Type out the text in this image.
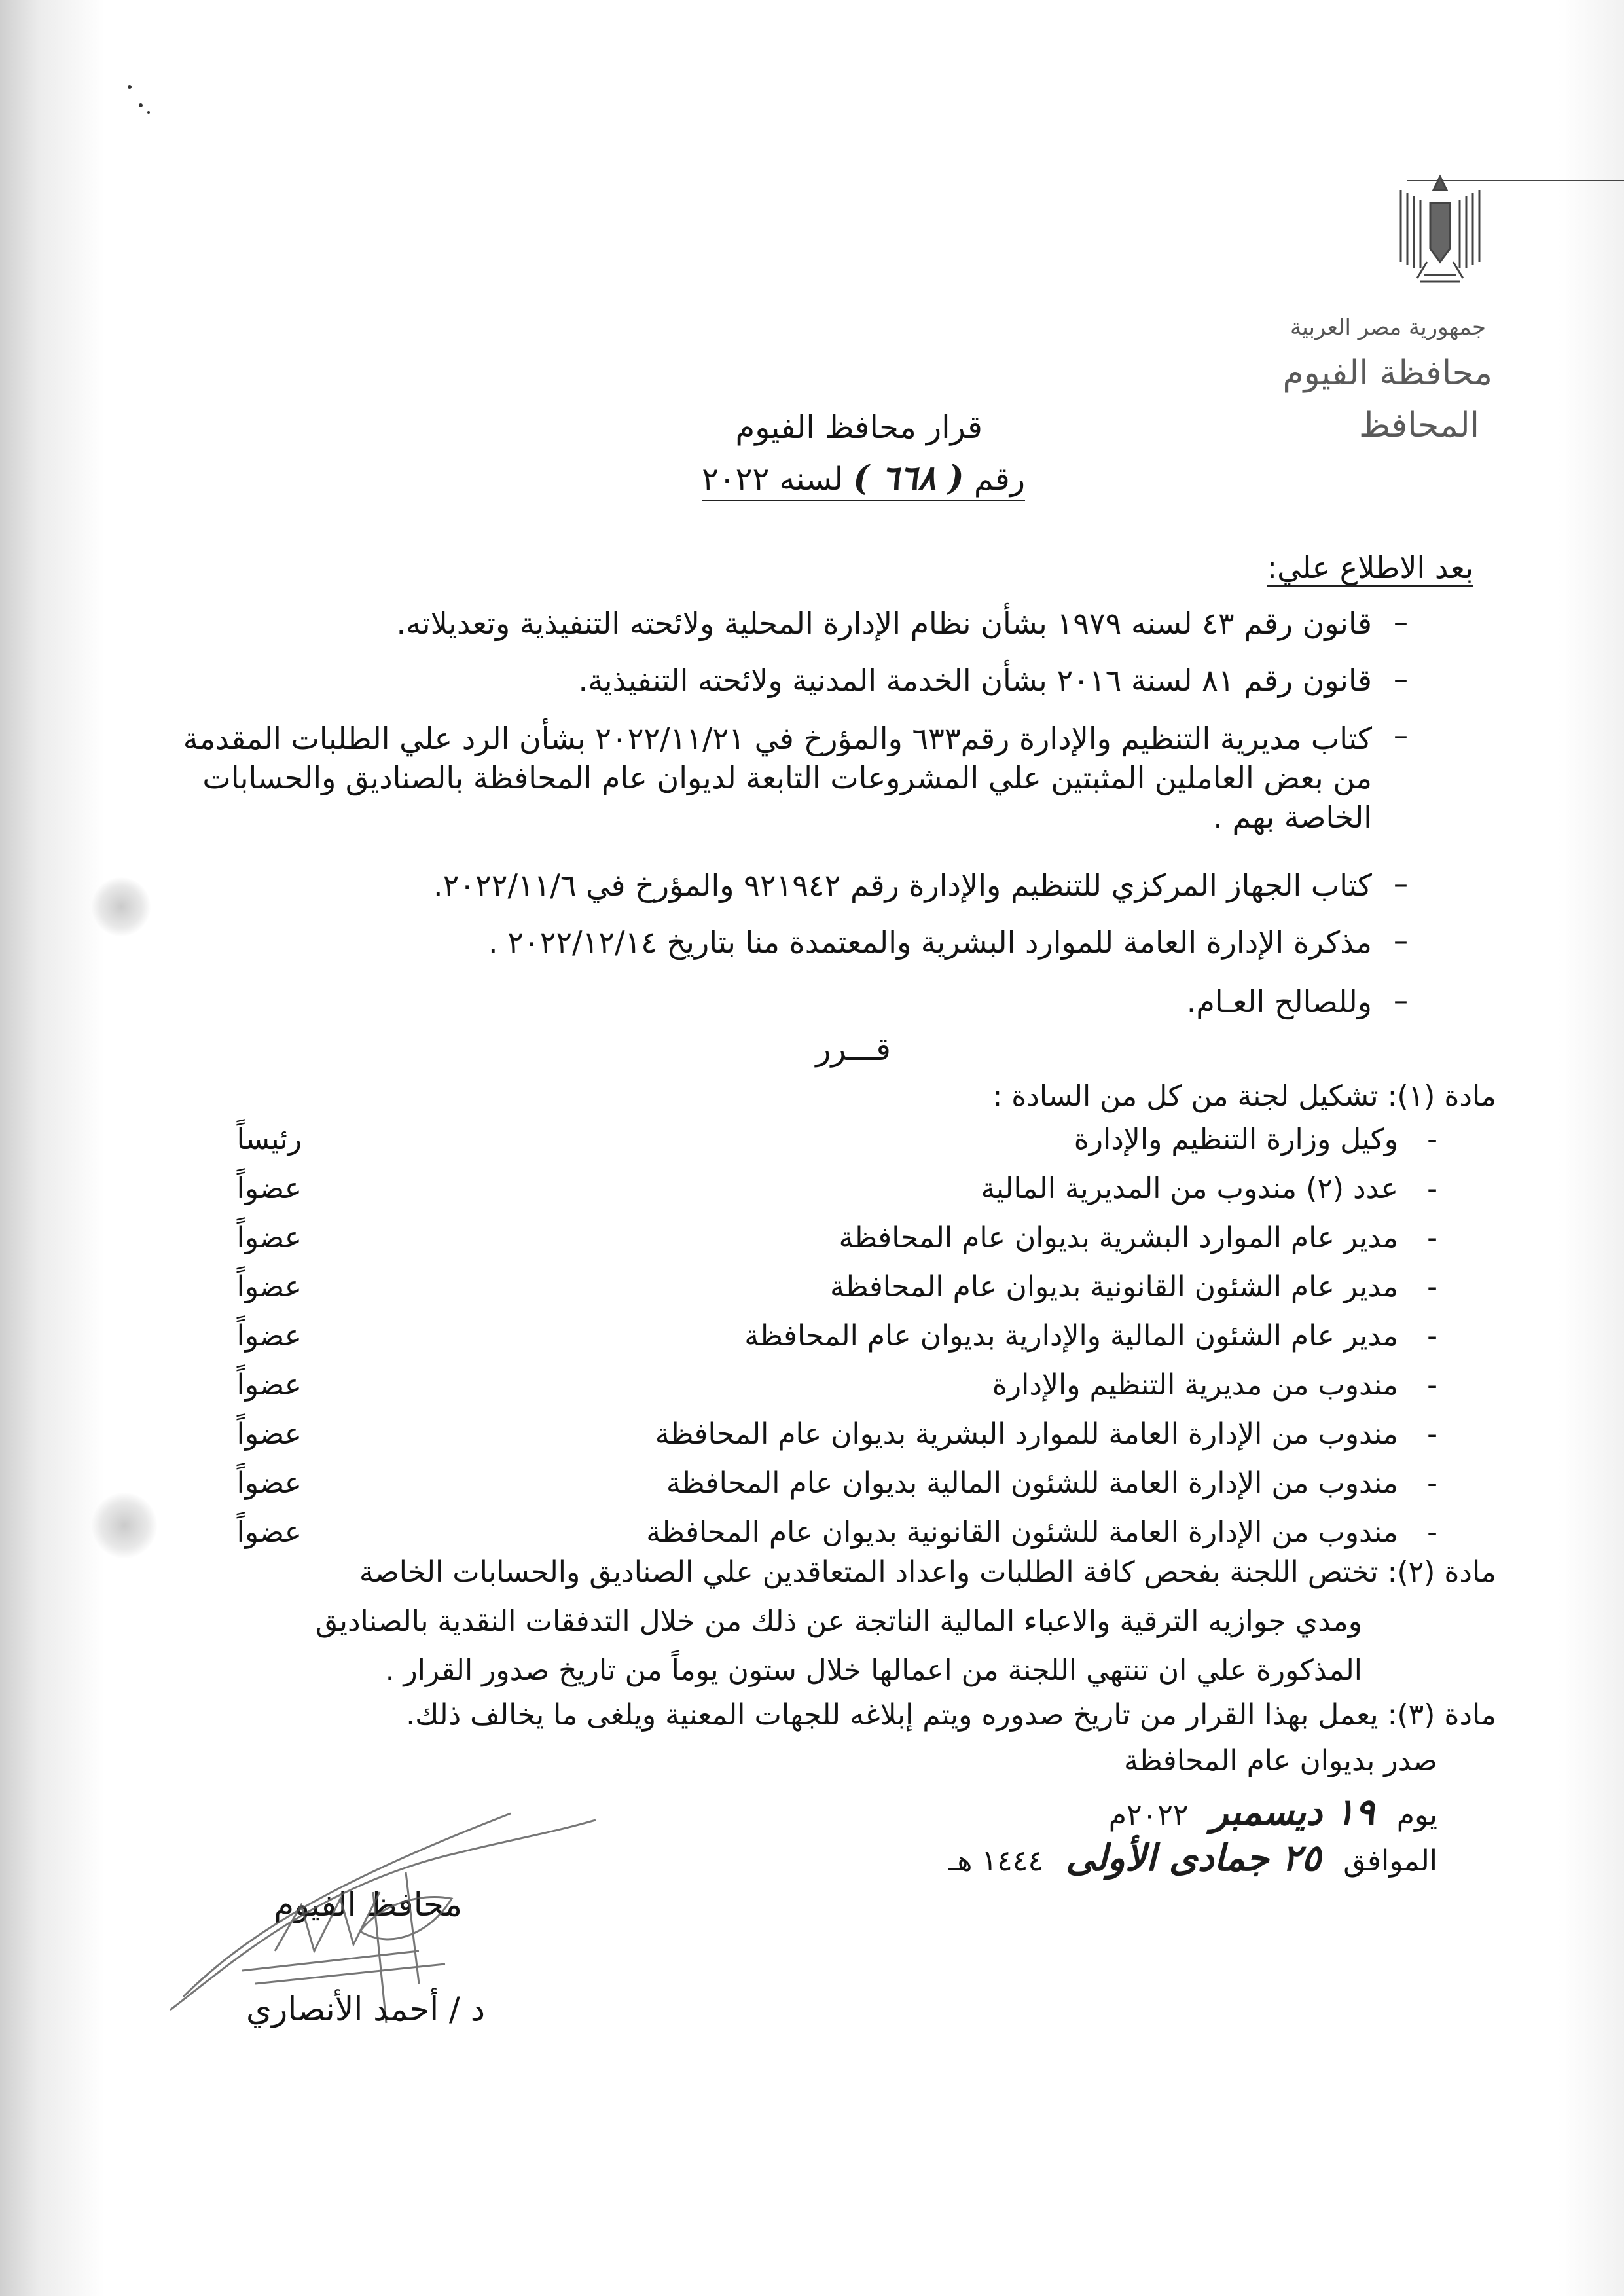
جمهورية مصر العربية
محافظة الفيوم
المحافظ
قرار محافظ الفيوم
رقم ( ٦٦٨ ) لسنه ٢٠٢٢
بعد الاطلاع علي:
–
قانون رقم ٤٣ لسنه ١٩٧٩ بشأن نظام الإدارة المحلية ولائحته التنفيذية وتعديلاته.
–
قانون رقم ٨١ لسنة ٢٠١٦ بشأن الخدمة المدنية ولائحته التنفيذية.
–
كتاب مديرية التنظيم والإدارة رقم٦٣٣ والمؤرخ في ٢٠٢٢/١١/٢١ بشأن الرد علي الطلبات المقدمة من بعض العاملين المثبتين علي المشروعات التابعة لديوان عام المحافظة بالصناديق والحسابات الخاصة بهم .
–
كتاب الجهاز المركزي للتنظيم والإدارة رقم ٩٢١٩٤٢ والمؤرخ في ٢٠٢٢/١١/٦.
–
مذكرة الإدارة العامة للموارد البشرية والمعتمدة منا بتاريخ ٢٠٢٢/١٢/١٤ .
–
وللصالح العـام.
قـــرر
مادة (١): تشكيل لجنة من كل من السادة :
-
وكيل وزارة التنظيم والإدارة
رئيساً
-
عدد (٢) مندوب من المديرية المالية
عضواً
-
مدير عام الموارد البشرية بديوان عام المحافظة
عضواً
-
مدير عام الشئون القانونية بديوان عام المحافظة
عضواً
-
مدير عام الشئون المالية والإدارية بديوان عام المحافظة
عضواً
-
مندوب من مديرية التنظيم والإدارة
عضواً
-
مندوب من الإدارة العامة للموارد البشرية بديوان عام المحافظة
عضواً
-
مندوب من الإدارة العامة للشئون المالية بديوان عام المحافظة
عضواً
-
مندوب من الإدارة العامة للشئون القانونية بديوان عام المحافظة
عضواً
مادة (٢): تختص اللجنة بفحص كافة الطلبات واعداد المتعاقدين علي الصناديق والحسابات الخاصة
ومدي جوازيه الترقية والاعباء المالية الناتجة عن ذلك من خلال التدفقات النقدية بالصناديق
المذكورة علي ان تنتهي اللجنة من اعمالها خلال ستون يوماً من تاريخ صدور القرار .
مادة (٣): يعمل بهذا القرار من تاريخ صدوره ويتم إبلاغه للجهات المعنية ويلغى ما يخالف ذلك.
صدر بديوان عام المحافظة
يوم ١٩ ديسمبر ٢٠٢٢م
الموافق ٢٥ جمادى الأولى ١٤٤٤ هـ
محافظ الفيوم
د / أحمد الأنصاري
